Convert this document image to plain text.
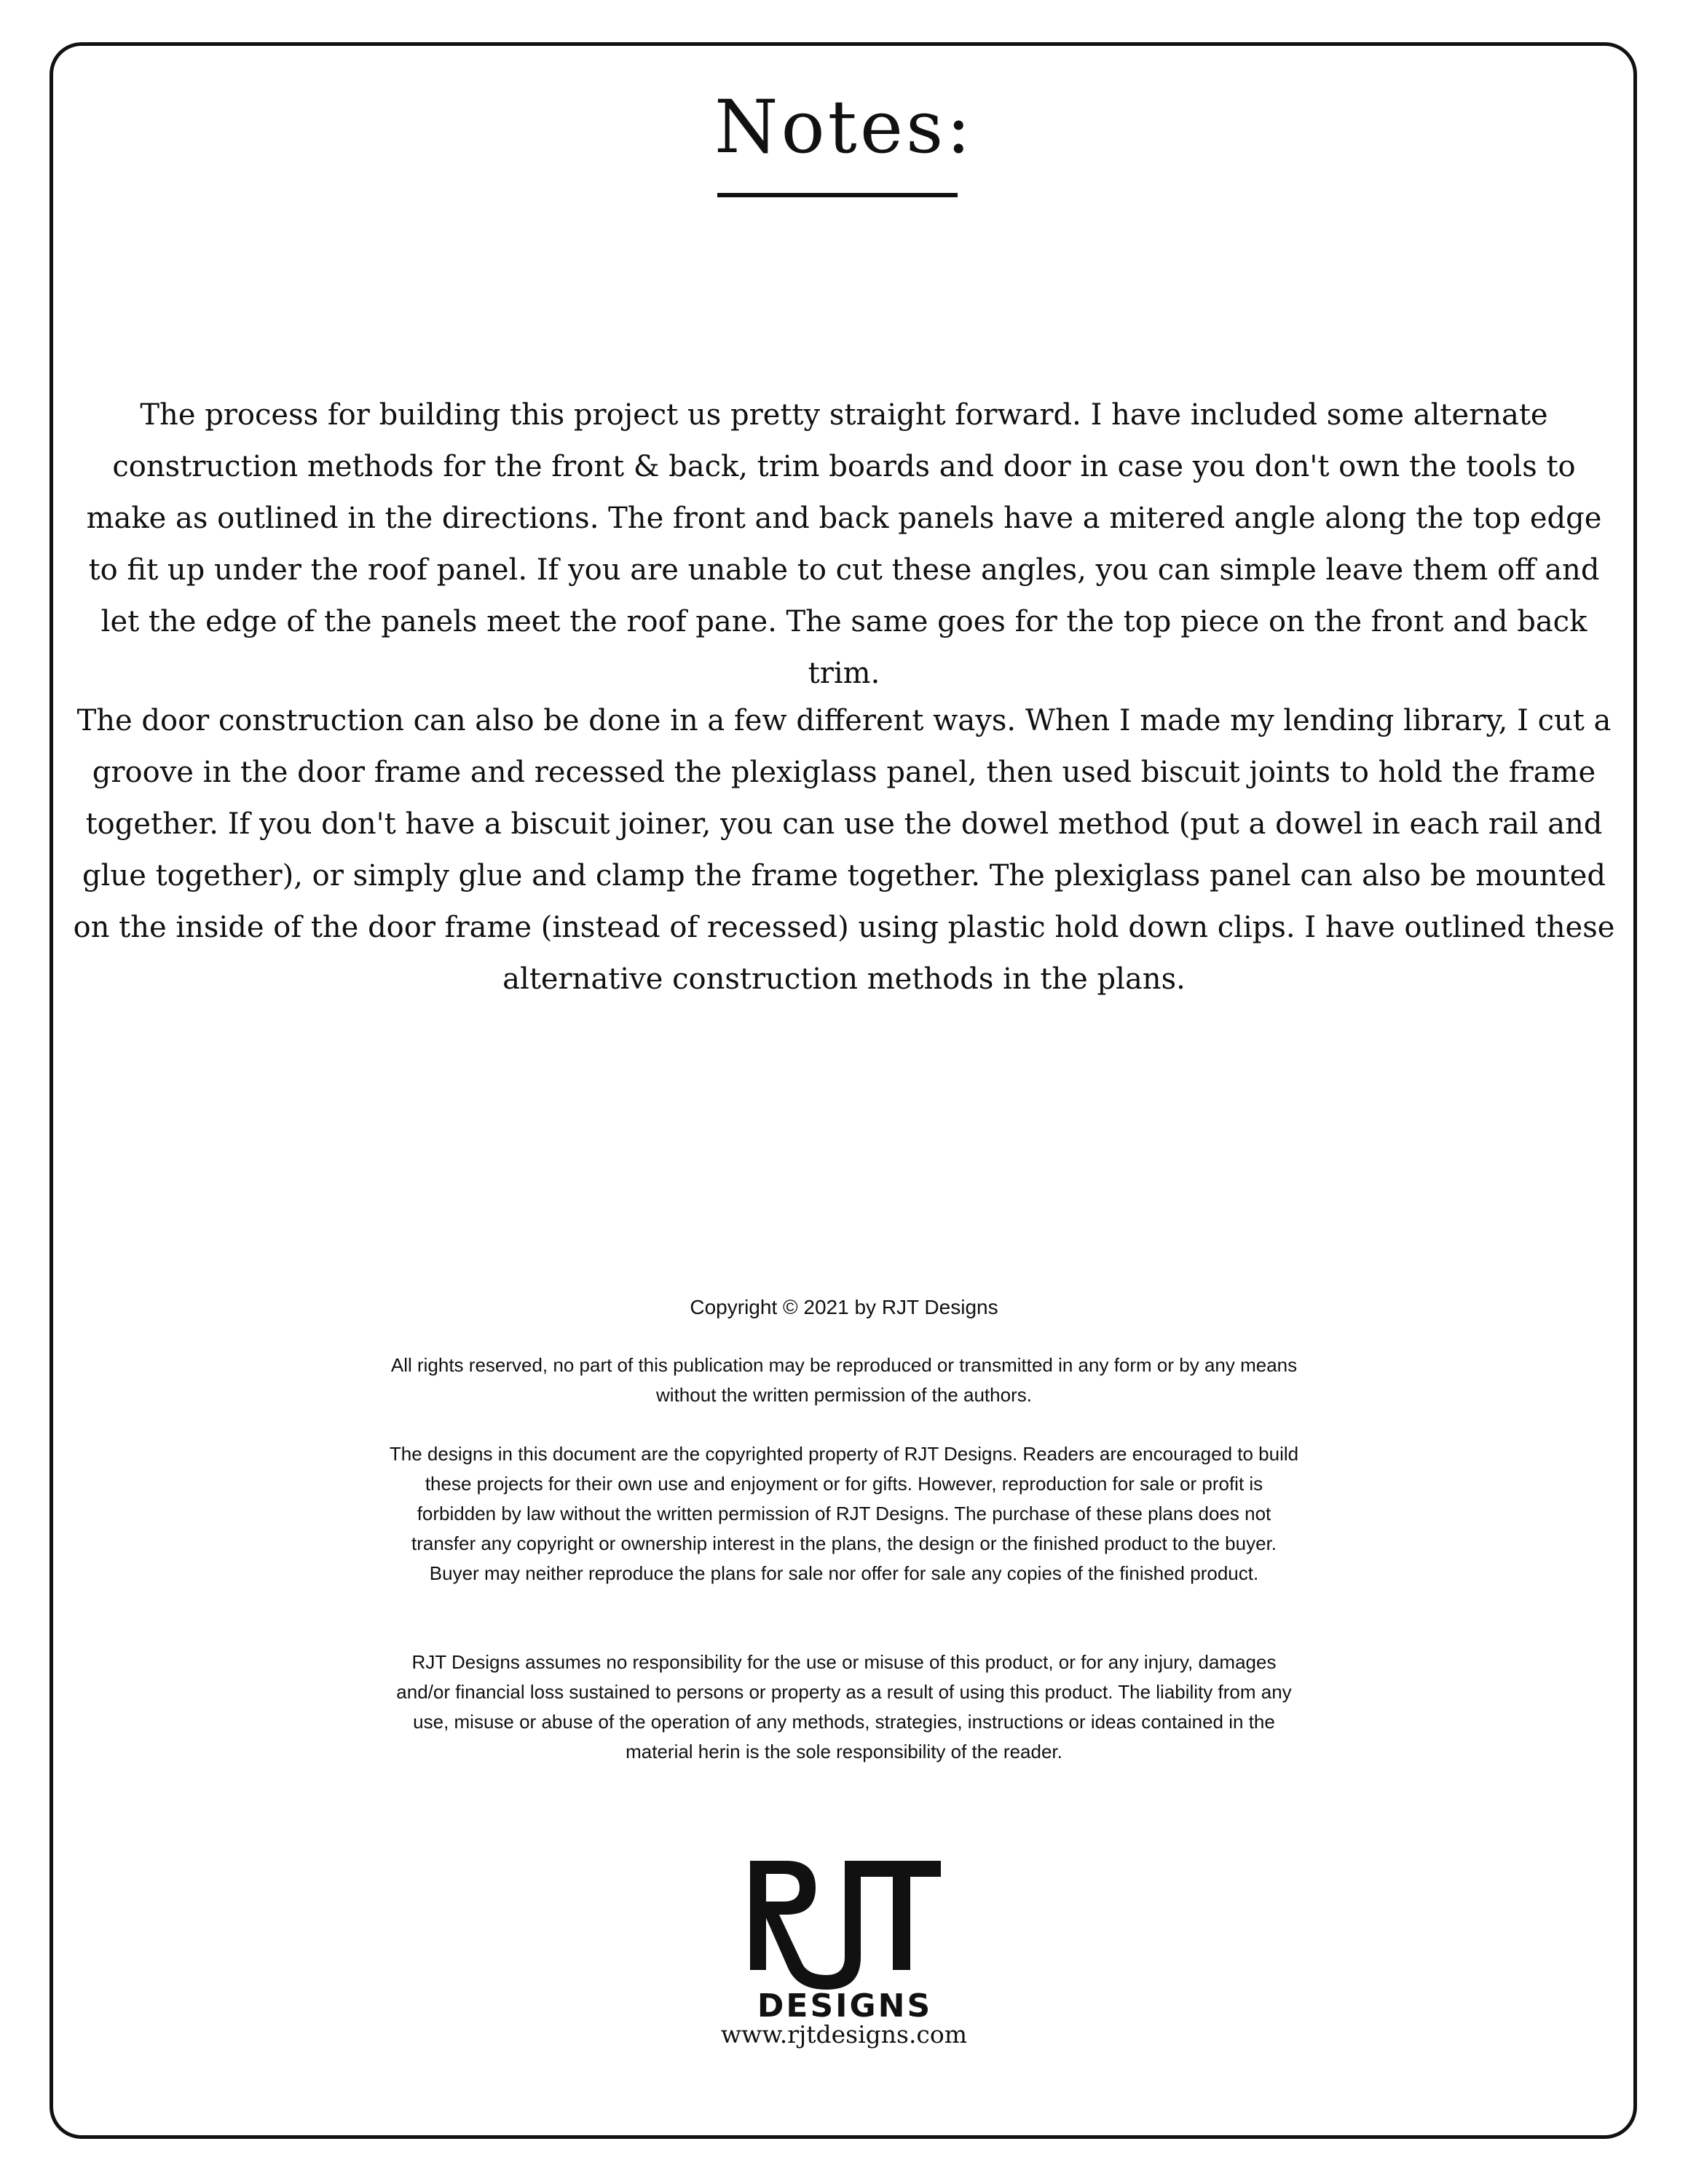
Notes:

The process for building this project us pretty straight forward. I have included some alternate construction methods for the front & back, trim boards and door in case you don't own the tools to make as outlined in the directions. The front and back panels have a mitered angle along the top edge to fit up under the roof panel. If you are unable to cut these angles, you can simple leave them off and let the edge of the panels meet the roof pane. The same goes for the top piece on the front and back trim.

The door construction can also be done in a few different ways. When I made my lending library, I cut a groove in the door frame and recessed the plexiglass panel, then used biscuit joints to hold the frame together. If you don't have a biscuit joiner, you can use the dowel method (put a dowel in each rail and glue together), or simply glue and clamp the frame together. The plexiglass panel can also be mounted on the inside of the door frame (instead of recessed) using plastic hold down clips. I have outlined these alternative construction methods in the plans.

Copyright © 2021 by RJT Designs

All rights reserved, no part of this publication may be reproduced or transmitted in any form or by any means without the written permission of the authors.

The designs in this document are the copyrighted property of RJT Designs. Readers are encouraged to build these projects for their own use and enjoyment or for gifts. However, reproduction for sale or profit is forbidden by law without the written permission of RJT Designs. The purchase of these plans does not transfer any copyright or ownership interest in the plans, the design or the finished product to the buyer. Buyer may neither reproduce the plans for sale nor offer for sale any copies of the finished product.

RJT Designs assumes no responsibility for the use or misuse of this product, or for any injury, damages and/or financial loss sustained to persons or property as a result of using this product. The liability from any use, misuse or abuse of the operation of any methods, strategies, instructions or ideas contained in the material herin is the sole responsibility of the reader.

DESIGNS
www.rjtdesigns.com
